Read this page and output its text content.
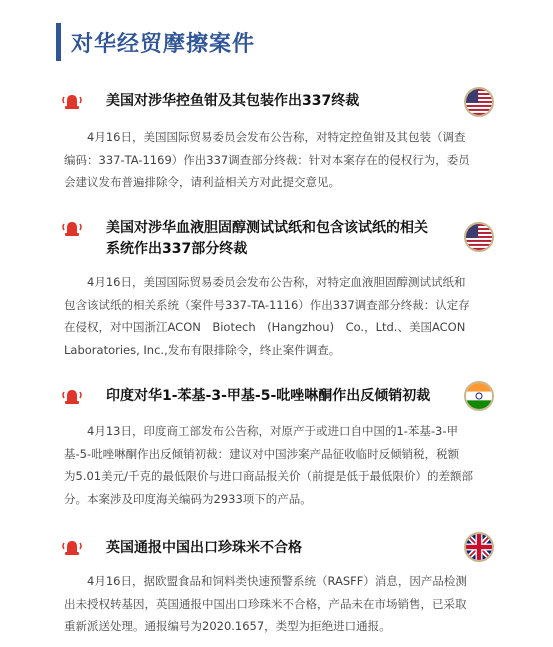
对华经贸摩擦案件
美国对涉华控鱼钳及其包装作出337终裁
　　4月16日，美国国际贸易委员会发布公告称，对特定控鱼钳及其包装（调查
编码：337-TA-1169）作出337调查部分终裁：针对本案存在的侵权行为，委员
会建议发布普遍排除令，请利益相关方对此提交意见。
美国对涉华血液胆固醇测试试纸和包含该试纸的相关
系统作出337部分终裁
　　4月16日，美国国际贸易委员会发布公告称，对特定血液胆固醇测试试纸和
包含该试纸的相关系统（案件号337-TA-1116）作出337调查部分终裁：认定存
在侵权，对中国浙江ACON　Biotech　(Hangzhou)　Co.，Ltd.、美国ACON
Laboratories, Inc.,发布有限排除令，终止案件调查。
印度对华1-苯基-3-甲基-5-吡唑啉酮作出反倾销初裁
　　4月13日，印度商工部发布公告称，对原产于或进口自中国的1-苯基-3-甲
基-5-吡唑啉酮作出反倾销初裁：建议对中国涉案产品征收临时反倾销税，税额
为5.01美元/千克的最低限价与进口商品报关价（前提是低于最低限价）的差额部
分。本案涉及印度海关编码为2933项下的产品。
英国通报中国出口珍珠米不合格
　　4月16日，据欧盟食品和饲料类快速预警系统（RASFF）消息，因产品检测
出未授权转基因，英国通报中国出口珍珠米不合格，产品未在市场销售，已采取
重新派送处理。通报编号为2020.1657，类型为拒绝进口通报。
